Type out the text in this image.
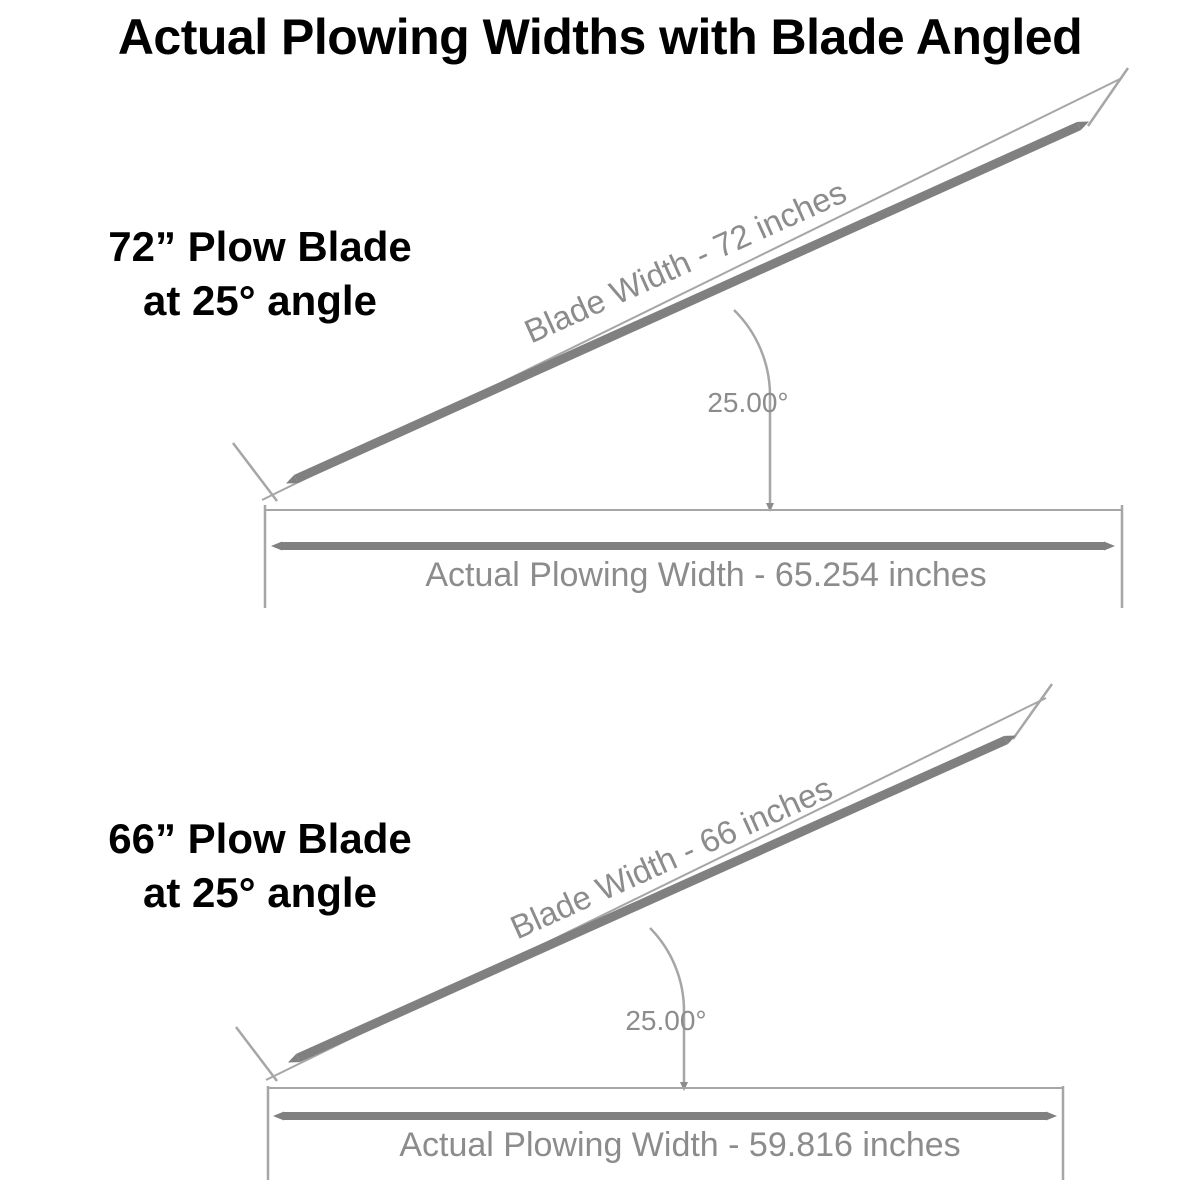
Actual Plowing Widths with Blade Angled
72” Plow Blade
at 25° angle
66” Plow Blade
at 25° angle
Blade Width - 72 inches
25.00°
Actual Plowing Width - 65.254 inches
Blade Width - 66 inches
25.00°
Actual Plowing Width - 59.816 inches
